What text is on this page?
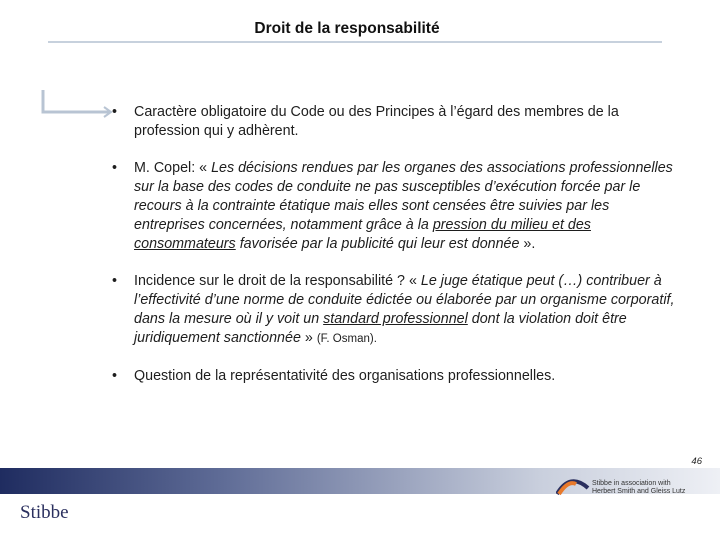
Droit de la responsabilité
• Caractère obligatoire du Code ou des Principes à l’égard des membres de la profession qui y adhèrent.
• M. Copel: « Les décisions rendues par les organes des associations professionnelles sur la base des codes de conduite ne pas susceptibles d’exécution forcée par le recours à la contrainte étatique mais elles sont censées être suivies par les entreprises concernées, notamment grâce à la pression du milieu et des consommateurs favorisée par la publicité qui leur est donnée ».
• Incidence sur le droit de la responsabilité ? « Le juge étatique peut (…) contribuer à l’effectivité d’une norme de conduite édictée ou élaborée par un organisme corporatif, dans la mesure où il y voit un standard professionnel dont la violation doit être juridiquement sanctionnée » (F. Osman).
• Question de la représentativité des organisations professionnelles.
46
Stibbe
Stibbe in association with
Herbert Smith and Gleiss Lutz
